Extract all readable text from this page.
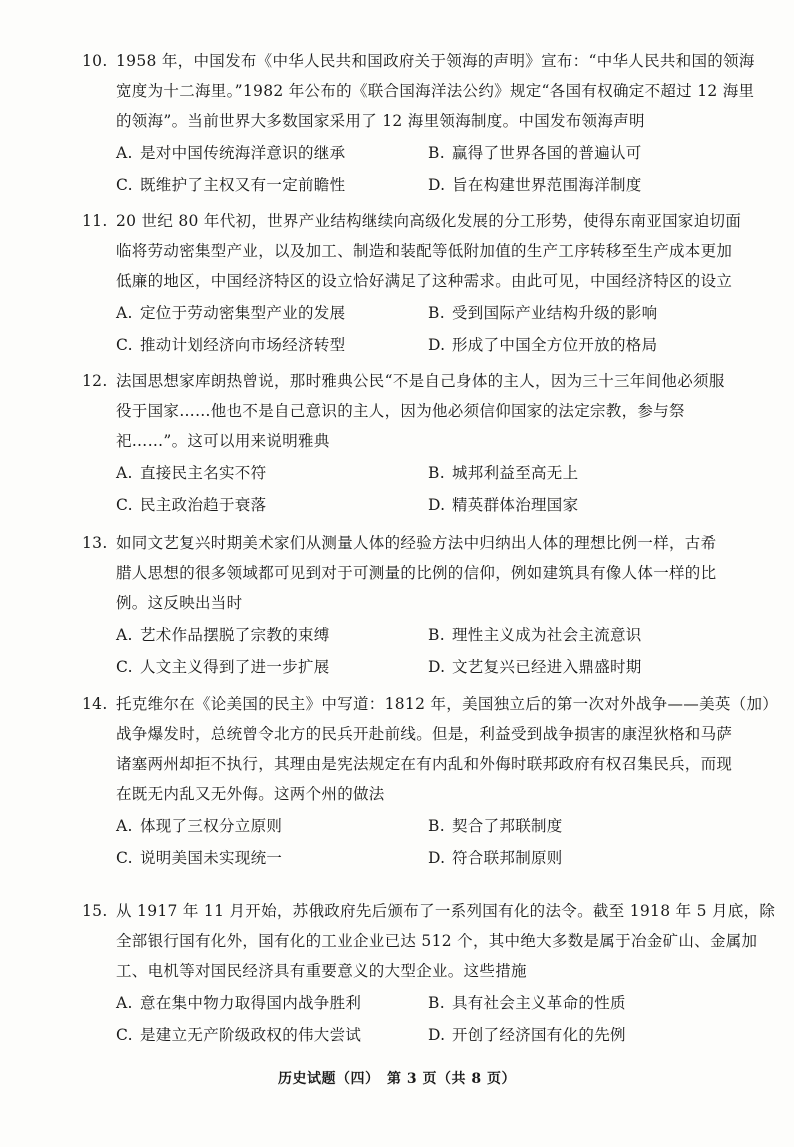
10. 1958 年，中国发布《中华人民共和国政府关于领海的声明》宣布：“中华人民共和国的领海
宽度为十二海里。”1982 年公布的《联合国海洋法公约》规定“各国有权确定不超过 12 海里
的领海”。当前世界大多数国家采用了 12 海里领海制度。中国发布领海声明
A. 是对中国传统海洋意识的继承	B. 赢得了世界各国的普遍认可
C. 既维护了主权又有一定前瞻性	D. 旨在构建世界范围海洋制度
11. 20 世纪 80 年代初，世界产业结构继续向高级化发展的分工形势，使得东南亚国家迫切面
临将劳动密集型产业，以及加工、制造和装配等低附加值的生产工序转移至生产成本更加
低廉的地区，中国经济特区的设立恰好满足了这种需求。由此可见，中国经济特区的设立
A. 定位于劳动密集型产业的发展	B. 受到国际产业结构升级的影响
C. 推动计划经济向市场经济转型	D. 形成了中国全方位开放的格局
12. 法国思想家库朗热曾说，那时雅典公民“不是自己身体的主人，因为三十三年间他必须服
役于国家……他也不是自己意识的主人，因为他必须信仰国家的法定宗教，参与祭
祀……”。这可以用来说明雅典
A. 直接民主名实不符	B. 城邦利益至高无上
C. 民主政治趋于衰落	D. 精英群体治理国家
13. 如同文艺复兴时期美术家们从测量人体的经验方法中归纳出人体的理想比例一样，古希
腊人思想的很多领域都可见到对于可测量的比例的信仰，例如建筑具有像人体一样的比
例。这反映出当时
A. 艺术作品摆脱了宗教的束缚	B. 理性主义成为社会主流意识
C. 人文主义得到了进一步扩展	D. 文艺复兴已经进入鼎盛时期
14. 托克维尔在《论美国的民主》中写道：1812 年，美国独立后的第一次对外战争——美英（加）
战争爆发时，总统曾令北方的民兵开赴前线。但是，利益受到战争损害的康涅狄格和马萨
诸塞两州却拒不执行，其理由是宪法规定在有内乱和外侮时联邦政府有权召集民兵，而现
在既无内乱又无外侮。这两个州的做法
A. 体现了三权分立原则	B. 契合了邦联制度
C. 说明美国未实现统一	D. 符合联邦制原则
15. 从 1917 年 11 月开始，苏俄政府先后颁布了一系列国有化的法令。截至 1918 年 5 月底，除
全部银行国有化外，国有化的工业企业已达 512 个，其中绝大多数是属于冶金矿山、金属加
工、电机等对国民经济具有重要意义的大型企业。这些措施
A. 意在集中物力取得国内战争胜利	B. 具有社会主义革命的性质
C. 是建立无产阶级政权的伟大尝试	D. 开创了经济国有化的先例
历史试题（四）　第 3 页（共 8 页）
